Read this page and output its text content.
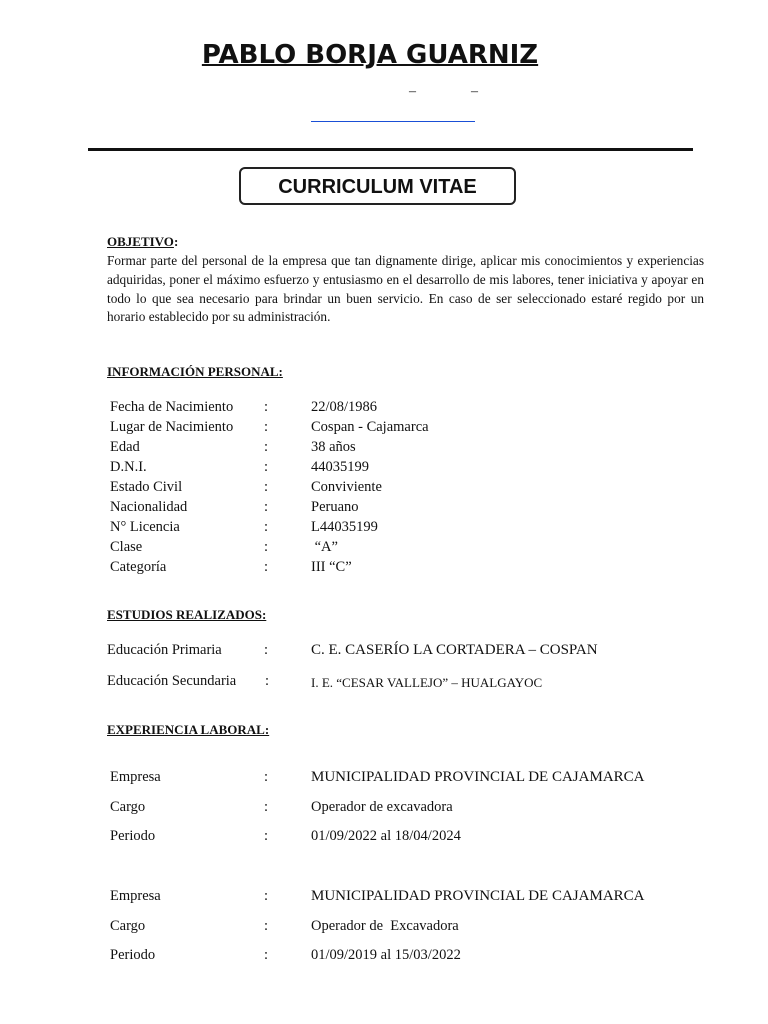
PABLO BORJA GUARNIZ
–	–
CURRICULUM VITAE
OBJETIVO:
Formar parte del personal de la empresa que tan dignamente dirige, aplicar mis conocimientos y experiencias adquiridas, poner el máximo esfuerzo y entusiasmo en el desarrollo de mis labores, tener iniciativa y apoyar en todo lo que sea necesario para brindar un buen servicio. En caso de ser seleccionado estaré regido por un horario establecido por su administración.
INFORMACIÓN PERSONAL:
Fecha de Nacimiento :	22/08/1986
Lugar de Nacimiento :	Cospan - Cajamarca
Edad	:	38 años
D.N.I.	:	44035199
Estado Civil	:	Conviviente
Nacionalidad	:	Peruano
N° Licencia	:	L44035199
Clase	:	“A”
Categoría	:	III “C”
ESTUDIOS REALIZADOS:
Educación Primaria	:	C. E. CASERÍO LA CORTADERA – COSPAN
Educación Secundaria :	I. E. “CESAR VALLEJO” – HUALGAYOC
EXPERIENCIA LABORAL:
Empresa	:	MUNICIPALIDAD PROVINCIAL DE CAJAMARCA
Cargo	:	Operador de excavadora
Periodo	:	01/09/2022 al 18/04/2024
Empresa	:	MUNICIPALIDAD PROVINCIAL DE CAJAMARCA
Cargo	:	Operador de  Excavadora
Periodo	:	01/09/2019 al 15/03/2022
